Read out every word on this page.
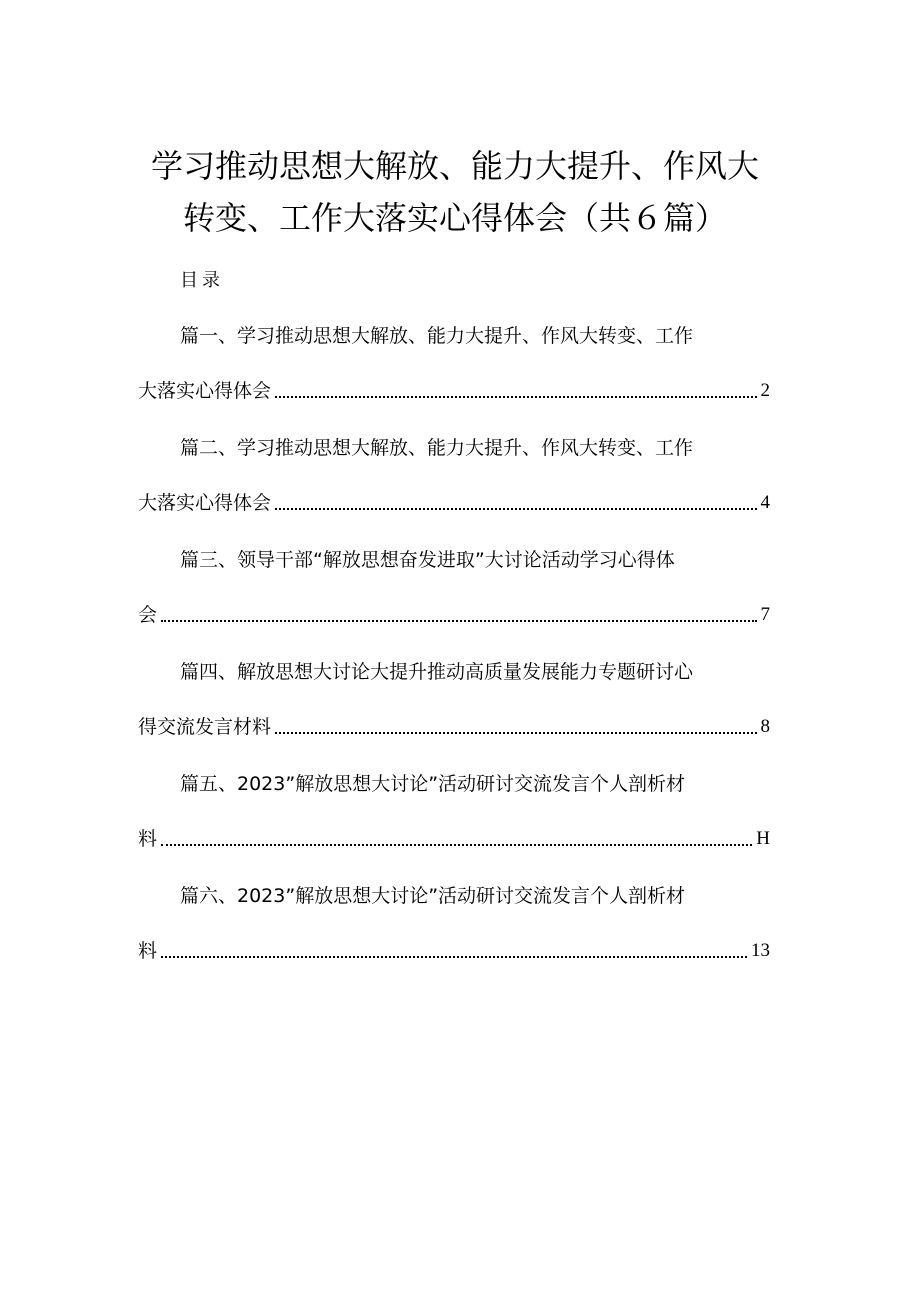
学习推动思想大解放、能力大提升、作风大
转变、工作大落实心得体会（共６篇）
目录
篇一、学习推动思想大解放、能力大提升、作风大转变、工作
大落实心得体会	2
篇二、学习推动思想大解放、能力大提升、作风大转变、工作
大落实心得体会	4
篇三、领导干部“解放思想奋发进取”大讨论活动学习心得体
会	7
篇四、解放思想大讨论大提升推动高质量发展能力专题研讨心
得交流发言材料	8
篇五、2023”解放思想大讨论”活动研讨交流发言个人剖析材
料	H
篇六、2023”解放思想大讨论”活动研讨交流发言个人剖析材
料	13
